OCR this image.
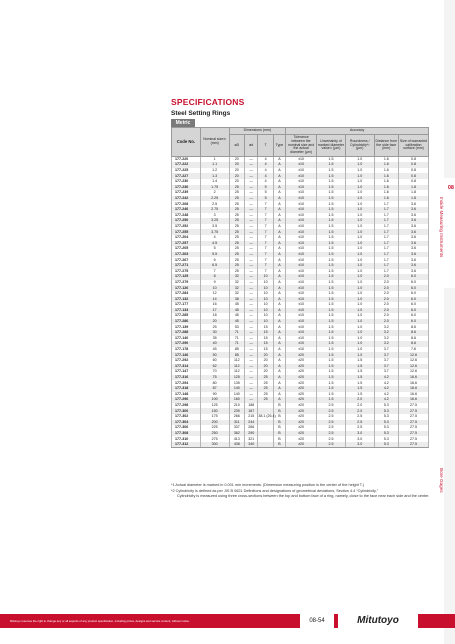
SPECIFICATIONS
Steel Setting Rings
Metric
Code No.	Nominal size±¹ (mm)	Dimensions (mm)				Accuracy				
		øD	ød	T	Type	Tolerance between the nominal size and the actual diameter (µm)	Uncertainty of marked diameter value¹¹ (µm)	Roundness / Cylindricity*² (µm)	Distance from the side face (mm)	Size of warranted calibration surface (mm)
177-220	1	20	—	4	A	±10	1.5	1.0	1.6	0.8
177-222	1.1	20	—	4	A	±10	1.5	1.0	1.6	0.8
177-225	1.2	20	—	4	A	±10	1.5	1.0	1.6	0.8
177-227	1.3	20	—	4	A	±10	1.5	1.0	1.6	0.8
177-230	1.4	20	—	4	A	±10	1.5	1.0	1.6	0.8
177-236	1.75	25	—	5	A	±10	1.5	1.0	1.6	1.8
177-239	2	25	—	5	A	±10	1.5	1.0	1.6	1.8
177-242	2.25	25	—	5	A	±10	1.5	1.0	1.6	1.8
177-208	2.5	25	—	7	A	±10	1.5	1.0	1.7	3.6
177-246	2.75	25	—	7	A	±10	1.5	1.0	1.7	3.6
177-248	3	25	—	7	A	±10	1.5	1.0	1.7	3.6
177-250	3.25	25	—	7	A	±10	1.5	1.0	1.7	3.6
177-252	3.5	25	—	7	A	±10	1.5	1.0	1.7	3.6
177-255	3.75	25	—	7	A	±10	1.5	1.0	1.7	3.6
177-204	4	25	—	7	A	±10	1.5	1.0	1.7	3.6
177-257	4.5	25	—	7	A	±10	1.5	1.0	1.7	3.6
177-205	5	25	—	7	A	±10	1.5	1.0	1.7	3.6
177-263	5.5	25	—	7	A	±10	1.5	1.0	1.7	3.6
177-267	6	25	—	7	A	±10	1.5	1.0	1.7	3.6
177-271	6.5	25	—	7	A	±10	1.5	1.0	1.7	3.6
177-275	7	25	—	7	A	±10	1.5	1.0	1.7	3.6
177-125	8	32	—	10	A	±10	1.5	1.0	2.0	6.0
177-279	9	32	—	10	A	±10	1.5	1.0	2.0	6.0
177-126	10	32	—	10	A	±10	1.5	1.0	2.0	6.0
177-284	12	32	—	10	A	±10	1.5	1.0	2.0	6.0
177-132	14	38	—	10	A	±10	1.5	1.0	2.0	6.0
177-177	16	45	—	10	A	±10	1.5	1.0	2.0	6.0
177-133	17	45	—	10	A	±10	1.5	1.0	2.0	6.0
177-285	18	45	—	10	A	±10	1.5	1.0	2.0	6.0
177-286	20	45	—	10	A	±10	1.5	1.0	2.0	6.0
177-139	25	53	—	15	A	±10	1.5	1.0	3.2	8.6
177-288	30	71	—	15	A	±10	1.5	1.0	3.2	8.6
177-140	35	71	—	15	A	±10	1.5	1.0	3.2	8.6
177-290	40	71	—	15	A	±10	1.5	1.0	3.2	8.6
177-178	45	85	—	15	A	±10	1.5	1.0	3.7	7.6
177-146	50	85	—	20	A	±20	1.5	1.0	3.7	12.6
177-292	60	112	—	20	A	±20	1.5	1.5	3.7	12.6
177-314	62	112	—	20	A	±20	1.5	1.5	3.7	12.6
177-147	70	112	—	20	A	±20	1.5	1.5	3.7	12.6
177-316	75	125	—	25	A	±20	1.5	1.5	4.2	16.6
177-294	80	135	—	25	A	±20	1.5	1.5	4.2	16.6
177-318	87	140	—	25	A	±20	1.5	1.5	4.2	16.6
177-148	90	140	—	25	A	±20	1.5	1.5	4.2	16.6
177-296	100	160	—	25	A	±20	1.5	2.0	4.2	16.6
177-298	125	210	188		B	±20	2.5	2.0	5.3	27.5
177-300	150	239	187		B	±20	2.5	2.0	5.3	27.5
177-302	175	266	215	38.1 (25.4)	B	±20	2.5	2.5	5.3	27.5
177-304	200	311	244		B	±20	2.5	2.5	5.3	27.5
177-306	225	337	266		B	±20	2.5	2.5	5.3	27.5
177-308	250	362	290		B	±20	2.5	3.0	5.3	27.5
177-310	275	413	321		B	±20	2.5	3.0	5.3	27.5
177-312	300	438	340		B	±20	2.5	3.0	5.3	27.5

*1 Actual diameter is marked in 0.001 mm increments. (Dimension measuring position is the center of the height T.)

*2 Cylindricity is defined as per JIS B 0621 Definitions and designations of geometrical deviations, Section 4.4 “Cylindricity.”

Cylindricity is measured using three cross-sections between the top and bottom face of a ring, namely, close to the face near each side and the center.

08
Inside Measuring Instruments
Bore Gages
Mitutoyo reserves the right to change any or all aspects of any product specification, including prices, designs and service content, without notice.	08-54	Mitutoyo
